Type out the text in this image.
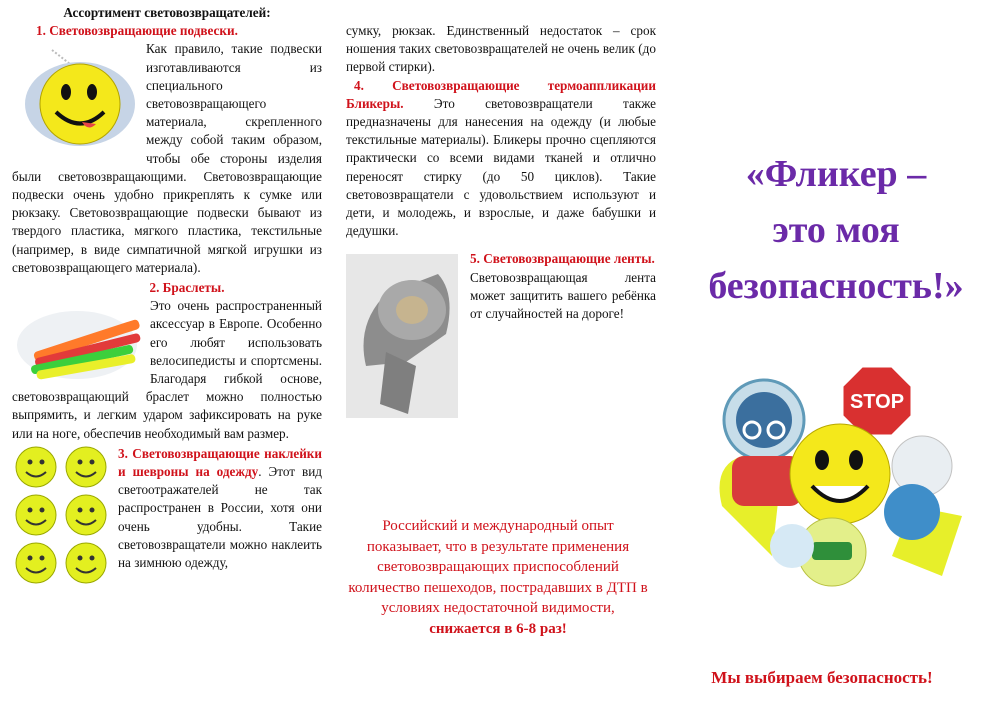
Ассортимент световозвращателей:
1. Световозвращающие подвески.

Как правило, такие подвески изготавливаются из специального световозвращающего материала, скрепленного между собой таким образом, чтобы обе стороны изделия были световозвращающими. Световозвращающие подвески очень удобно прикреплять к сумке или рюкзаку. Световозвращающие подвески бывают из твердого пластика, мягкого пластика, текстильные (например, в виде симпатичной мягкой игрушки из световозвращающего материала).

2. Браслеты.

Это очень распространенный аксессуар в Европе. Особенно его любят использовать велосипедисты и спортсмены. Благодаря гибкой основе, световозвращающий браслет можно полностью выпрямить, и легким ударом зафиксировать на руке или на ноге, обеспечив необходимый вам размер.

3. Световозвращающие наклейки и шевроны на одежду. Этот вид светоотражателей не так распространен в России, хотя они очень удобны. Такие световозвращатели можно наклеить на зимнюю одежду,

сумку, рюкзак. Единственный недостаток – срок ношения таких световозвращателей не очень велик (до первой стирки).

4. Световозвращающие термоаппликации Бликеры. Это световозвращатели также предназначены для нанесения на одежду (и любые текстильные материалы). Бликеры прочно сцепляются практически со всеми видами тканей и отлично переносят стирку (до 50 циклов). Такие световозвращатели с удовольствием используют и дети, и молодежь, и взрослые, и даже бабушки и дедушки.

5. Световозвращающие ленты.

Световозвращающая лента может защитить вашего ребёнка от случайностей на дороге!

Российский и международный опыт показывает, что в результате применения световозвращающих приспособлений количество пешеходов, пострадавших в ДТП в условиях недостаточной видимости, снижается в 6-8 раз!
«Фликер –
это моя
безопасность!»
STOP
Мы выбираем безопасность!
